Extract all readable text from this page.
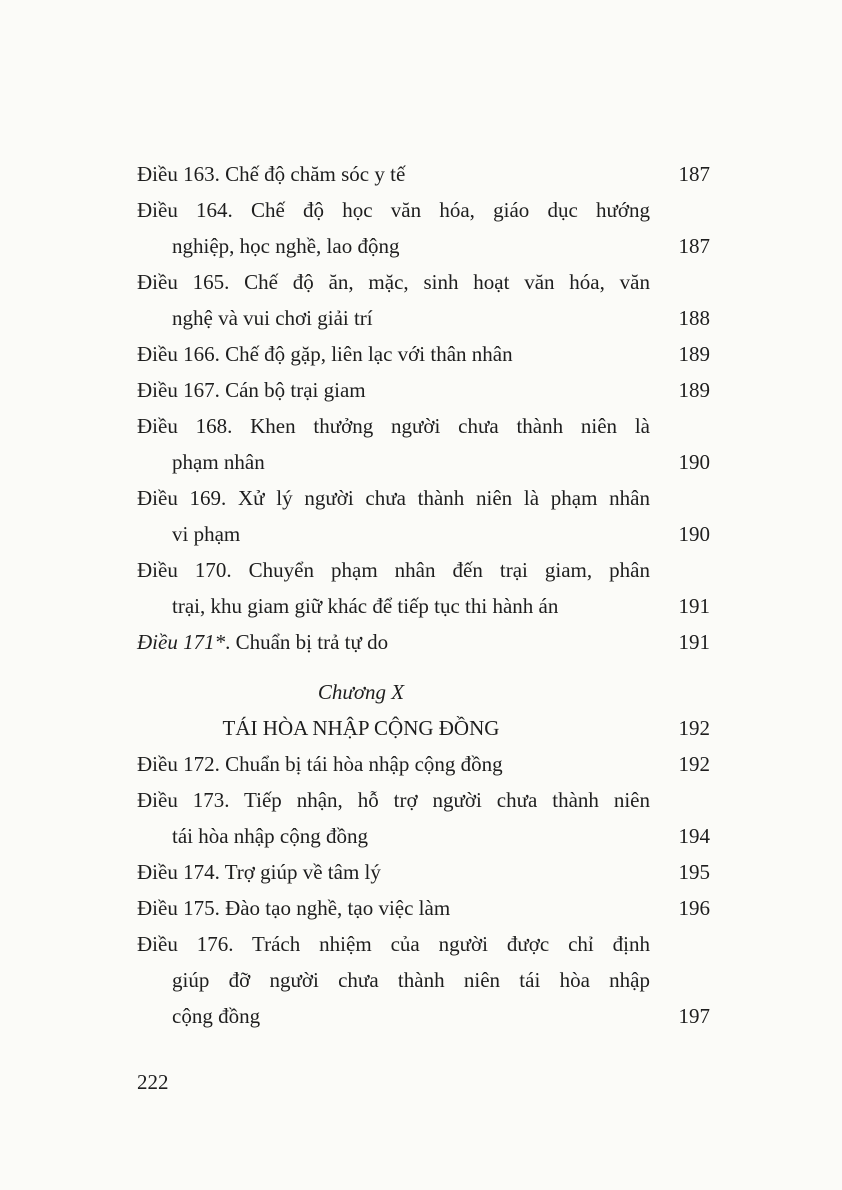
Điều 163. Chế độ chăm sóc y tế	187
Điều 164. Chế độ học văn hóa, giáo dục hướng
nghiệp, học nghề, lao động	187
Điều 165. Chế độ ăn, mặc, sinh hoạt văn hóa, văn
nghệ và vui chơi giải trí	188
Điều 166. Chế độ gặp, liên lạc với thân nhân	189
Điều 167. Cán bộ trại giam	189
Điều 168. Khen thưởng người chưa thành niên là
phạm nhân	190
Điều 169. Xử lý người chưa thành niên là phạm nhân
vi phạm	190
Điều 170. Chuyển phạm nhân đến trại giam, phân
trại, khu giam giữ khác để tiếp tục thi hành án	191
Điều 171*. Chuẩn bị trả tự do	191
Chương X
TÁI HÒA NHẬP CỘNG ĐỒNG	192
Điều 172. Chuẩn bị tái hòa nhập cộng đồng	192
Điều 173. Tiếp nhận, hỗ trợ người chưa thành niên
tái hòa nhập cộng đồng	194
Điều 174. Trợ giúp về tâm lý	195
Điều 175. Đào tạo nghề, tạo việc làm	196
Điều 176. Trách nhiệm của người được chỉ định
giúp đỡ người chưa thành niên tái hòa nhập
cộng đồng	197
222
